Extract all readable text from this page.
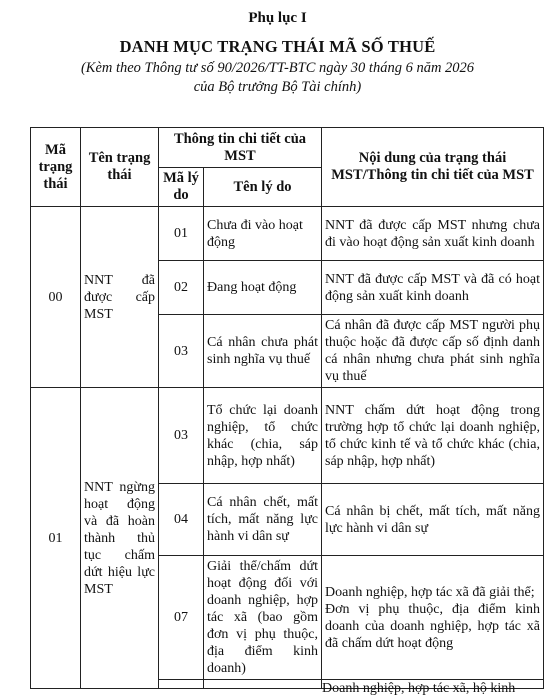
Phụ lục I
DANH MỤC TRẠNG THÁI MÃ SỐ THUẾ
(Kèm theo Thông tư số 90/2026/TT-BTC ngày 30 tháng 6 năm 2026
của Bộ trưởng Bộ Tài chính)
Mã trạng thái	Tên trạng thái	Thông tin chi tiết của MST		Nội dung của trạng thái MST/Thông tin chi tiết của MST
		Mã lý do	Tên lý do	
00	NNT đã được cấp MST	01	Chưa đi vào hoạt động	NNT đã được cấp MST nhưng chưa đi vào hoạt động sản xuất kinh doanh
		02	Đang hoạt động	NNT đã được cấp MST và đã có hoạt động sản xuất kinh doanh
		03	Cá nhân chưa phát sinh nghĩa vụ thuế	Cá nhân đã được cấp MST người phụ thuộc hoặc đã được cấp số định danh cá nhân nhưng chưa phát sinh nghĩa vụ thuế
01	NNT ngừng hoạt động và đã hoàn thành thủ tục chấm dứt hiệu lực MST	03	Tổ chức lại doanh nghiệp, tổ chức khác (chia, sáp nhập, hợp nhất)	NNT chấm dứt hoạt động trong trường hợp tổ chức lại doanh nghiệp, tổ chức kinh tế và tổ chức khác (chia, sáp nhập, hợp nhất)
		04	Cá nhân chết, mất tích, mất năng lực hành vi dân sự	Cá nhân bị chết, mất tích, mất năng lực hành vi dân sự
		07	Giải thể/chấm dứt hoạt động đối với doanh nghiệp, hợp tác xã (bao gồm đơn vị phụ thuộc, địa điểm kinh doanh)	Doanh nghiệp, hợp tác xã đã giải thể;
Đơn vị phụ thuộc, địa điểm kinh doanh của doanh nghiệp, hợp tác xã đã chấm dứt hoạt động

				Doanh nghiệp, hợp tác xã, hộ kinh
